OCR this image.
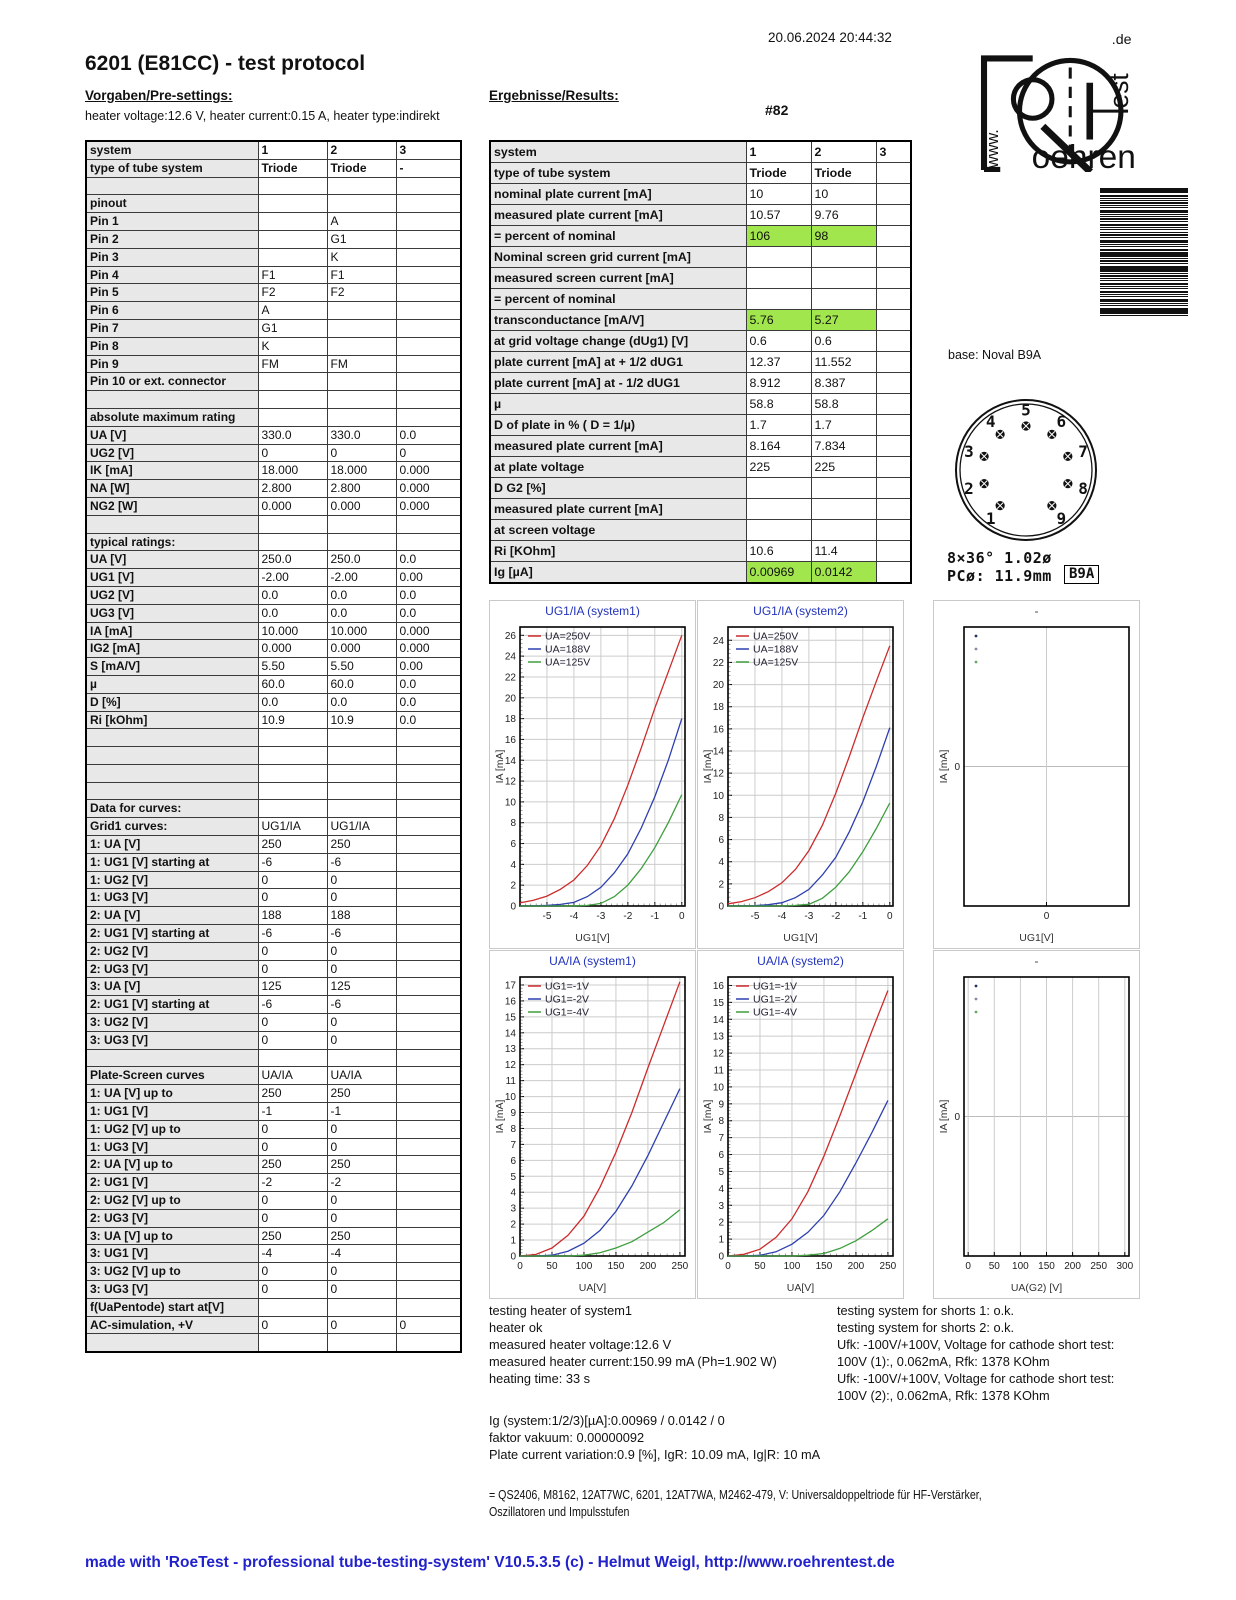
20.06.2024 20:44:32
6201 (E81CC) - test protocol
Vorgaben/Pre-settings:
heater voltage:12.6 V, heater current:0.15 A, heater type:indirekt
Ergebnisse/Results:
#82
oehren
www.
est
.de
base: Noval B9A
system	1	2	3
type of tube system	Triode	Triode	-

pinout			
Pin 1		A	
Pin 2		G1	
Pin 3		K	
Pin 4	F1	F1	
Pin 5	F2	F2	
Pin 6	A		
Pin 7	G1		
Pin 8	K		
Pin 9	FM	FM	
Pin 10 or ext. connector			

absolute maximum rating			
UA [V]	330.0	330.0	0.0
UG2 [V]	0	0	0
IK [mA]	18.000	18.000	0.000
NA [W]	2.800	2.800	0.000
NG2 [W]	0.000	0.000	0.000

typical ratings:			
UA [V]	250.0	250.0	0.0
UG1 [V]	-2.00	-2.00	0.00
UG2 [V]	0.0	0.0	0.0
UG3 [V]	0.0	0.0	0.0
IA [mA]	10.000	10.000	0.000
IG2 [mA]	0.000	0.000	0.000
S [mA/V]	5.50	5.50	0.00
µ	60.0	60.0	0.0
D [%]	0.0	0.0	0.0
Ri [kOhm]	10.9	10.9	0.0

Data for curves:			
Grid1 curves:	UG1/IA	UG1/IA	
1: UA [V]	250	250	
1: UG1 [V] starting at	-6	-6	
1: UG2 [V]	0	0	
1: UG3 [V]	0	0	
2: UA [V]	188	188	
2: UG1 [V] starting at	-6	-6	
2: UG2 [V]	0	0	
2: UG3 [V]	0	0	
3: UA [V]	125	125	
2: UG1 [V] starting at	-6	-6	
3: UG2 [V]	0	0	
3: UG3 [V]	0	0	

Plate-Screen curves	UA/IA	UA/IA	
1: UA [V] up to	250	250	
1: UG1 [V]	-1	-1	
1: UG2 [V] up to	0	0	
1: UG3 [V]	0	0	
2: UA [V] up to	250	250	
2: UG1 [V]	-2	-2	
2: UG2 [V] up to	0	0	
2: UG3 [V]	0	0	
3: UA [V] up to	250	250	
3: UG1 [V]	-4	-4	
3: UG2 [V] up to	0	0	
3: UG3 [V]	0	0	
f(UaPentode) start at[V]			
AC-simulation, +V	0	0	0

system	1	2	3
type of tube system	Triode	Triode	
nominal plate current [mA]	10	10	
measured plate current [mA]	10.57	9.76	
= percent of nominal	106	98	
Nominal screen grid current [mA]			
measured screen current [mA]			
= percent of nominal			
transconductance [mA/V]	5.76	5.27	
at grid voltage change (dUg1) [V]	0.6	0.6	
plate current [mA] at + 1/2 dUG1	12.37	11.552	
plate current [mA] at - 1/2 dUG1	8.912	8.387	
µ	58.8	58.8	
D of plate in % ( D = 1/µ)	1.7	1.7	
measured plate current [mA]	8.164	7.834	
at plate voltage	225	225	
D G2 [%]			
measured plate current [mA]			
at screen voltage			
Ri [KOhm]	10.6	11.4	
Ig [µA]	0.00969	0.0142	
1
2
3
4
5
6
7
8
9
8×36° 1.02ø
PCø: 11.9mm	B9A
0
2
4
6
8
10
12
14
16
18
20
22
24
26
-5 -4 -3 -2 -1 0
UA=250V
UA=188V
UA=125V
UG1/IA (system1)
UG1[V]
IA [mA]
0
2
4
6
8
10
12
14
16
18
20
22
24
-5 -4 -3 -2 -1 0
UA=250V
UA=188V
UA=125V
UG1/IA (system2)
UG1[V]
IA [mA]	0
0
-
UG1[V]
IA [mA]
0
1
2
3
4
5
6
7
8
9
10
11
12
13
14
15
16
17
0 50 100 150 200 250
UG1=-1V
UG1=-2V
UG1=-4V
UA/IA (system1)
UA[V]
IA [mA]
0
1
2
3
4
5
6
7
8
9
10
11
12
13
14
15
16
0 50 100 150 200 250
UG1=-1V
UG1=-2V
UG1=-4V
UA/IA (system2)
UA[V]
IA [mA]	0
0 50 100 150 200 250 300
-
UA(G2) [V]
IA [mA]
testing heater of system1
heater ok
measured heater voltage:12.6 V
measured heater current:150.99 mA (Ph=1.902 W)
heating time: 33 s
Ig (system:1/2/3)[µA]:0.00969 / 0.0142 / 0
faktor vakuum: 0.00000092
Plate current variation:0.9 [%], IgR: 10.09 mA, Ig|R: 10 mA
testing system for shorts 1: o.k.
testing system for shorts 2: o.k.
Ufk: -100V/+100V, Voltage for cathode short test:
100V (1):, 0.062mA, Rfk: 1378 KOhm
Ufk: -100V/+100V, Voltage for cathode short test:
100V (2):, 0.062mA, Rfk: 1378 KOhm
= QS2406, M8162, 12AT7WC, 6201, 12AT7WA, M2462-479, V: Universaldoppeltriode für HF-Verstärker,
Oszillatoren und Impulsstufen
made with 'RoeTest - professional tube-testing-system' V10.5.3.5 (c) - Helmut Weigl, http://www.roehrentest.de
